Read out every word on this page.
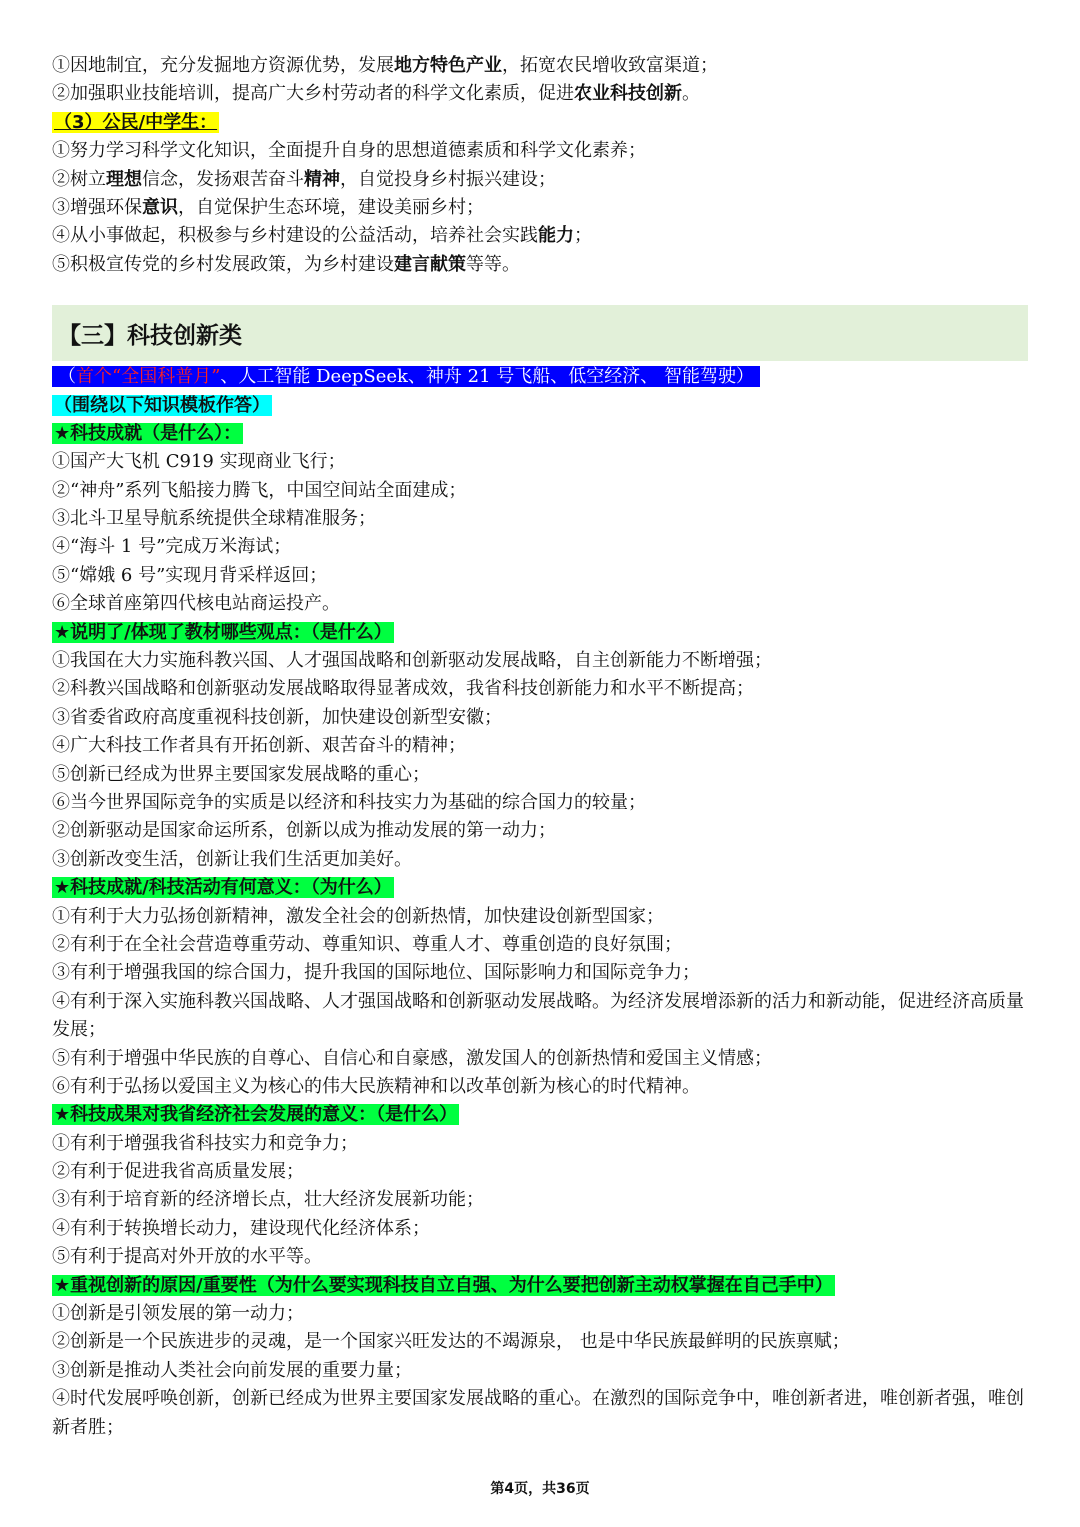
①因地制宜，充分发掘地方资源优势，发展地方特色产业，拓宽农民增收致富渠道；
②加强职业技能培训，提高广大乡村劳动者的科学文化素质，促进农业科技创新。
（3）公民/中学生：
①努力学习科学文化知识，全面提升自身的思想道德素质和科学文化素养；
②树立理想信念，发扬艰苦奋斗精神，自觉投身乡村振兴建设；
③增强环保意识，自觉保护生态环境，建设美丽乡村；
④从小事做起，积极参与乡村建设的公益活动，培养社会实践能力；
⑤积极宣传党的乡村发展政策，为乡村建设建言献策等等。
【三】科技创新类
（首个“全国科普月”、人工智能 DeepSeek、神舟 21 号飞船、低空经济、 智能驾驶）
（围绕以下知识模板作答）
★科技成就（是什么）：
①国产大飞机 C919 实现商业飞行；
②“神舟”系列飞船接力腾飞，中国空间站全面建成；
③北斗卫星导航系统提供全球精准服务；
④“海斗 1 号”完成万米海试；
⑤“嫦娥 6 号”实现月背采样返回；
⑥全球首座第四代核电站商运投产。
★说明了/体现了教材哪些观点：（是什么）
①我国在大力实施科教兴国、人才强国战略和创新驱动发展战略，自主创新能力不断增强；
②科教兴国战略和创新驱动发展战略取得显著成效，我省科技创新能力和水平不断提高；
③省委省政府高度重视科技创新，加快建设创新型安徽；
④广大科技工作者具有开拓创新、艰苦奋斗的精神；
⑤创新已经成为世界主要国家发展战略的重心；
⑥当今世界国际竞争的实质是以经济和科技实力为基础的综合国力的较量；
②创新驱动是国家命运所系，创新以成为推动发展的第一动力；
③创新改变生活，创新让我们生活更加美好。
★科技成就/科技活动有何意义：（为什么）
①有利于大力弘扬创新精神，激发全社会的创新热情，加快建设创新型国家；
②有利于在全社会营造尊重劳动、尊重知识、尊重人才、尊重创造的良好氛围；
③有利于增强我国的综合国力，提升我国的国际地位、国际影响力和国际竞争力；
④有利于深入实施科教兴国战略、人才强国战略和创新驱动发展战略。为经济发展增添新的活力和新动能，促进经济高质量发展；
⑤有利于增强中华民族的自尊心、自信心和自豪感，激发国人的创新热情和爱国主义情感；
⑥有利于弘扬以爱国主义为核心的伟大民族精神和以改革创新为核心的时代精神。
★科技成果对我省经济社会发展的意义：（是什么）
①有利于增强我省科技实力和竞争力；
②有利于促进我省高质量发展；
③有利于培育新的经济增长点，壮大经济发展新功能；
④有利于转换增长动力，建设现代化经济体系；
⑤有利于提高对外开放的水平等。
★重视创新的原因/重要性（为什么要实现科技自立自强、为什么要把创新主动权掌握在自己手中）
①创新是引领发展的第一动力；
②创新是一个民族进步的灵魂，是一个国家兴旺发达的不竭源泉， 也是中华民族最鲜明的民族禀赋；
③创新是推动人类社会向前发展的重要力量；
④时代发展呼唤创新，创新已经成为世界主要国家发展战略的重心。在激烈的国际竞争中，唯创新者进，唯创新者强，唯创新者胜；
第4页，共36页
